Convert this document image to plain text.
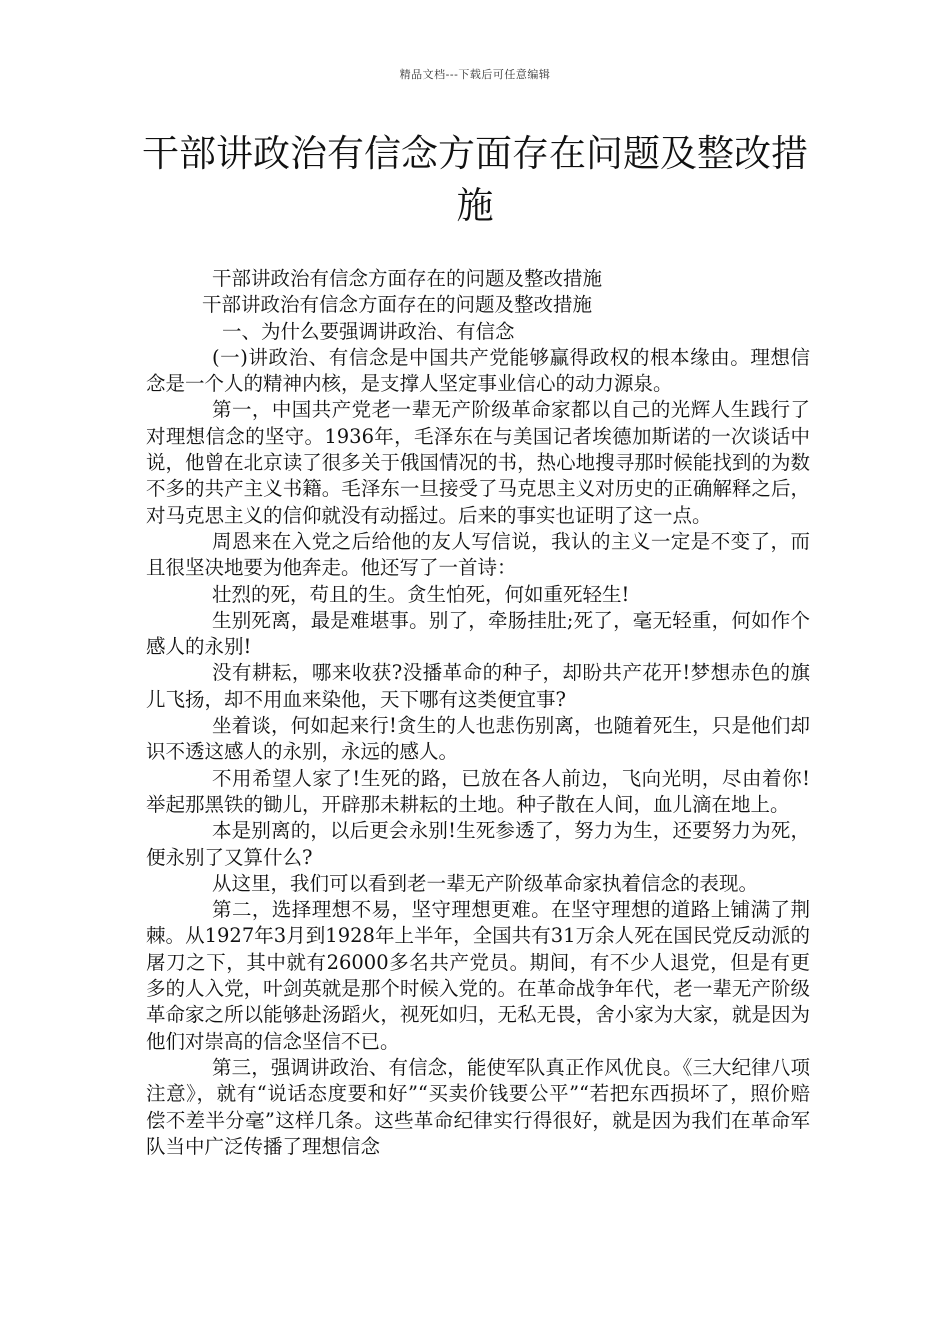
精品文档---下载后可任意编辑
干部讲政治有信念方面存在问题及整改措施

干部讲政治有信念方面存在的问题及整改措施

干部讲政治有信念方面存在的问题及整改措施

一、为什么要强调讲政治、有信念

(一)讲政治、有信念是中国共产党能够赢得政权的根本缘由。理想信念是一个人的精神内核，是支撑人坚定事业信心的动力源泉。

第一，中国共产党老一辈无产阶级革命家都以自己的光辉人生践行了对理想信念的坚守。1936年，毛泽东在与美国记者埃德加斯诺的一次谈话中说，他曾在北京读了很多关于俄国情况的书，热心地搜寻那时候能找到的为数不多的共产主义书籍。毛泽东一旦接受了马克思主义对历史的正确解释之后，对马克思主义的信仰就没有动摇过。后来的事实也证明了这一点。

周恩来在入党之后给他的友人写信说，我认的主义一定是不变了，而且很坚决地要为他奔走。他还写了一首诗：

壮烈的死，苟且的生。贪生怕死，何如重死轻生!

生别死离，最是难堪事。别了，牵肠挂肚;死了，毫无轻重，何如作个感人的永别!

没有耕耘，哪来收获?没播革命的种子，却盼共产花开!梦想赤色的旗儿飞扬，却不用血来染他，天下哪有这类便宜事?

坐着谈，何如起来行!贪生的人也悲伤别离，也随着死生，只是他们却识不透这感人的永别，永远的感人。

不用希望人家了!生死的路，已放在各人前边，飞向光明，尽由着你!举起那黑铁的锄儿，开辟那未耕耘的土地。种子散在人间，血儿滴在地上。

本是别离的，以后更会永别!生死参透了，努力为生，还要努力为死，便永别了又算什么?

从这里，我们可以看到老一辈无产阶级革命家执着信念的表现。

第二，选择理想不易，坚守理想更难。在坚守理想的道路上铺满了荆棘。从1927年3月到1928年上半年，全国共有31万余人死在国民党反动派的屠刀之下，其中就有26000多名共产党员。期间，有不少人退党，但是有更多的人入党，叶剑英就是那个时候入党的。在革命战争年代，老一辈无产阶级革命家之所以能够赴汤蹈火，视死如归，无私无畏，舍小家为大家，就是因为他们对崇高的信念坚信不已。

第三，强调讲政治、有信念，能使军队真正作风优良。《三大纪律八项注意》，就有“说话态度要和好”“买卖价钱要公平”“若把东西损坏了，照价赔偿不差半分毫”这样几条。这些革命纪律实行得很好，就是因为我们在革命军队当中广泛传播了理想信念
